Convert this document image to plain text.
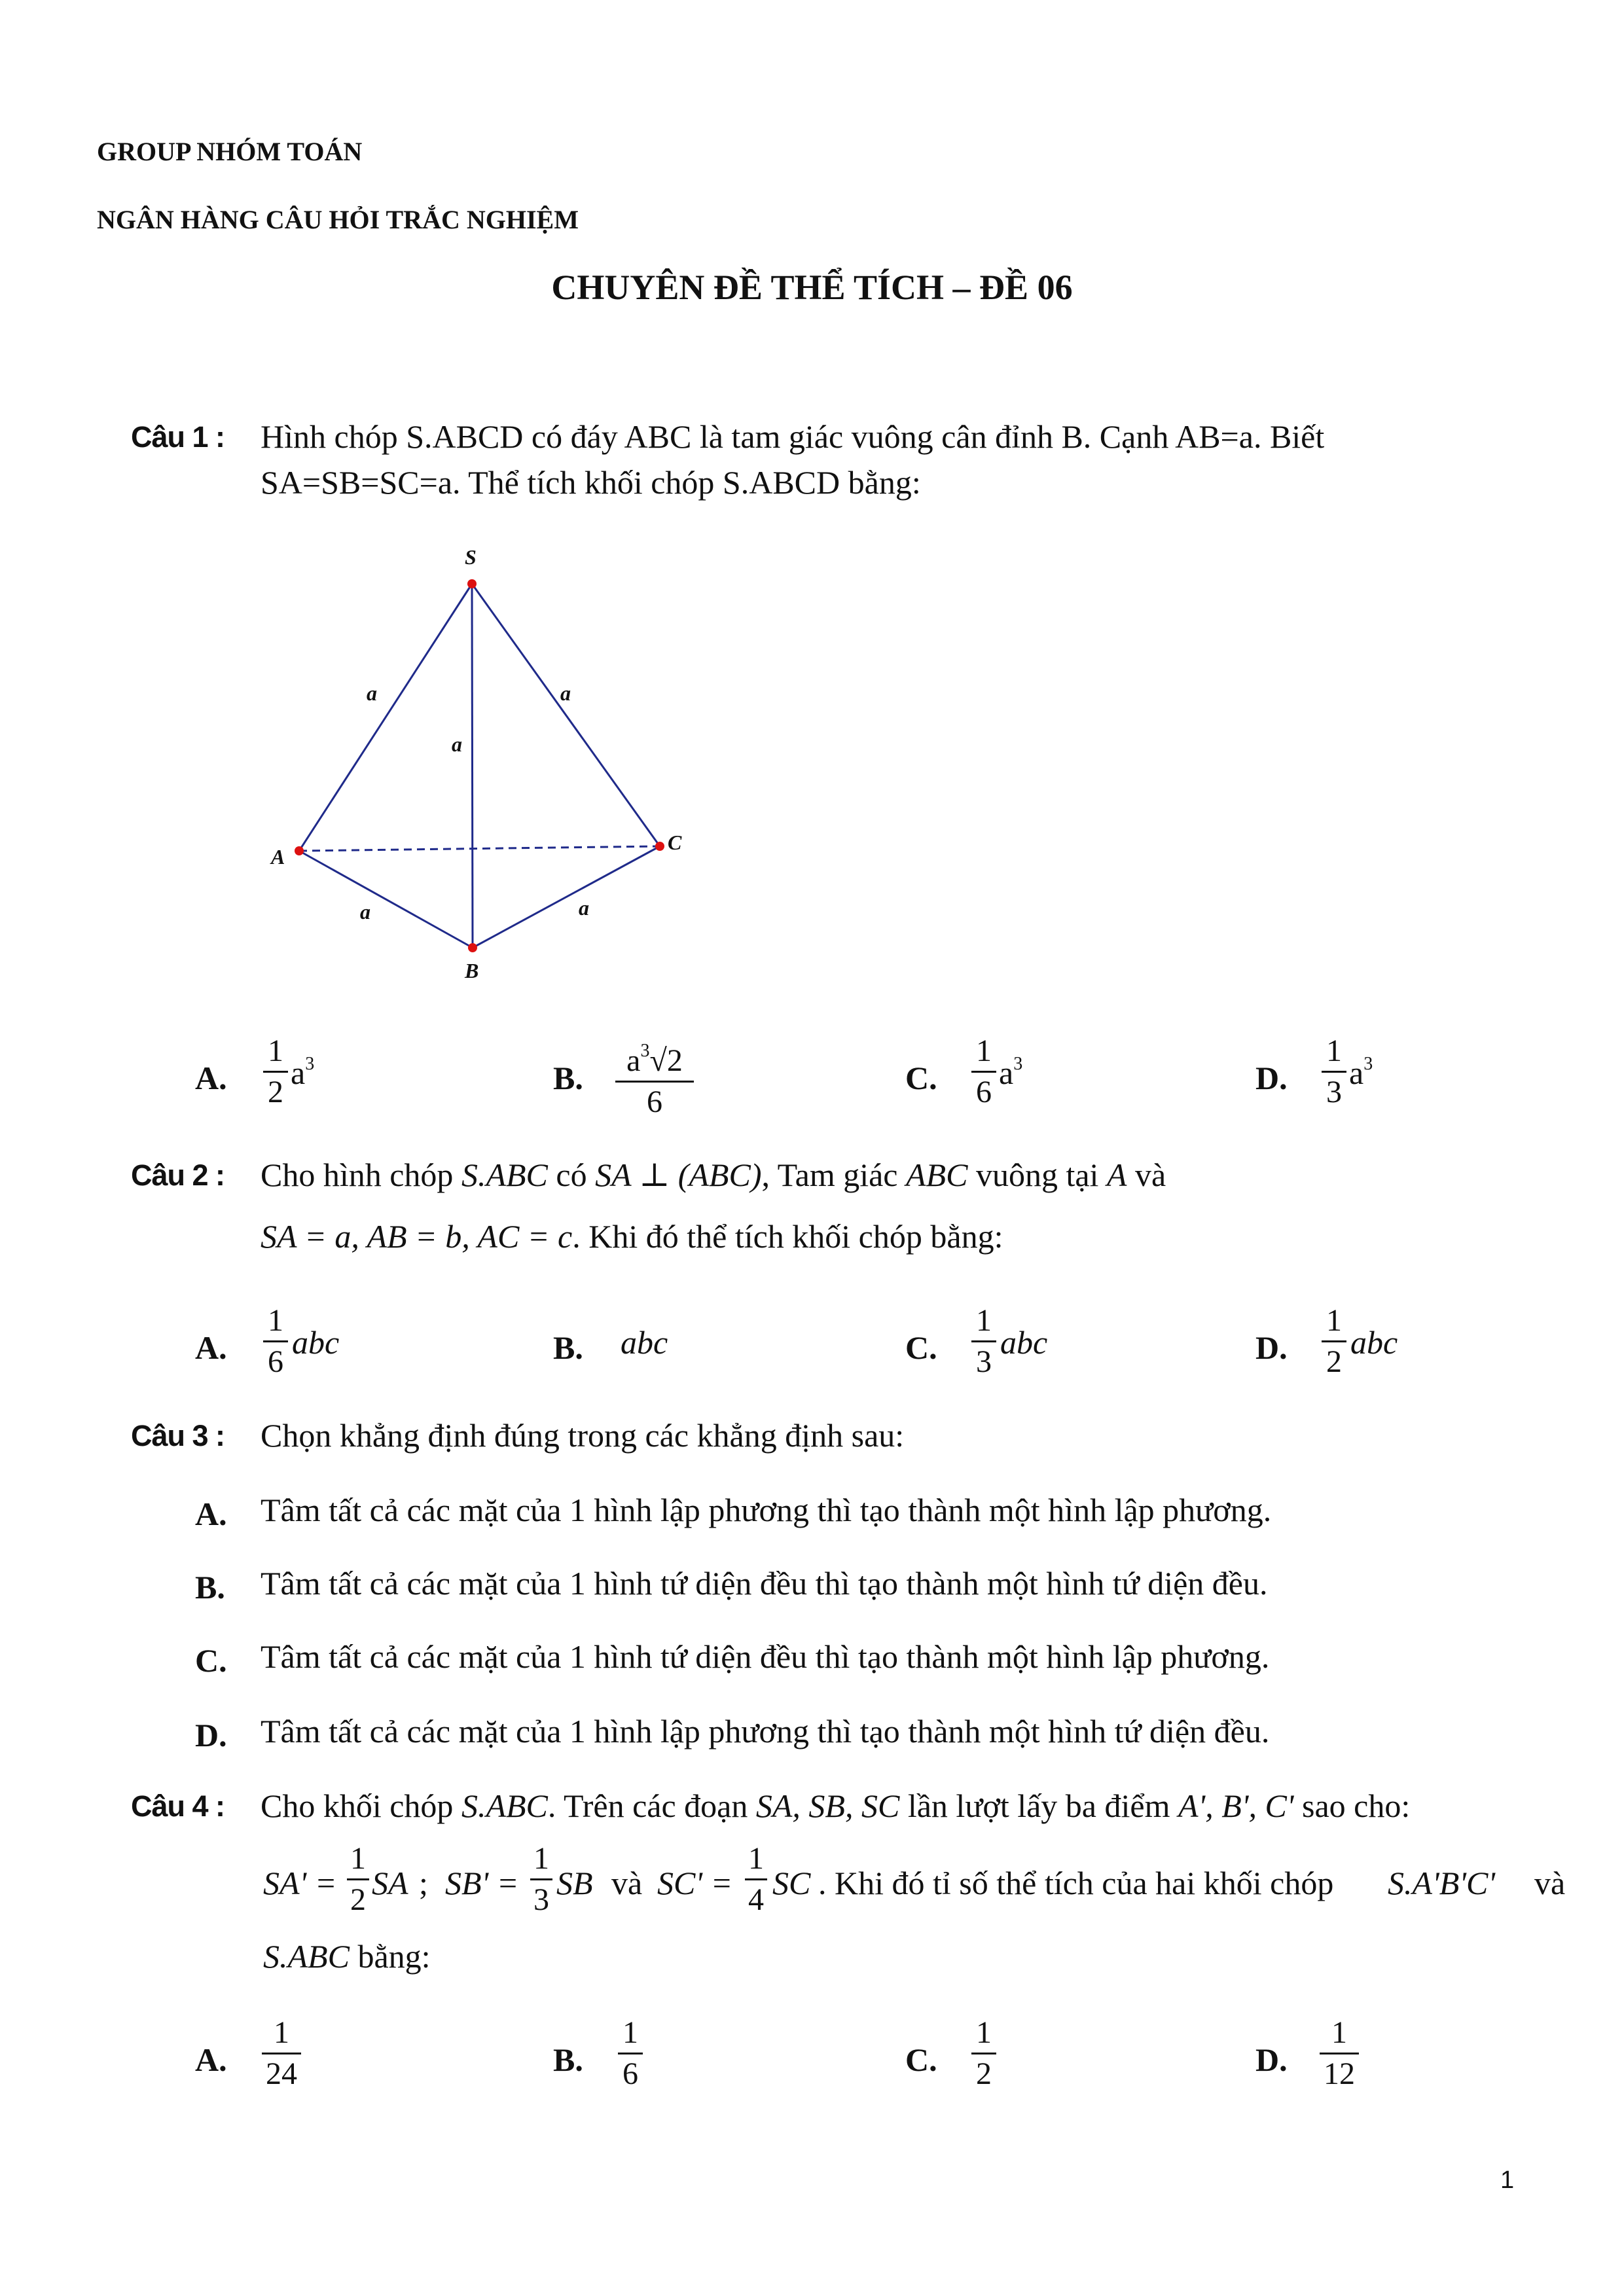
GROUP NHÓM TOÁN
NGÂN HÀNG CÂU HỎI TRẮC NGHIỆM
CHUYÊN ĐỀ THỂ TÍCH – ĐỀ 06
Câu 1 : Hình chóp S.ABCD có đáy ABC là tam giác vuông cân đỉnh B. Cạnh AB=a. Biết
SA=SB=SC=a. Thể tích khối chóp S.ABCD bằng:
S
A
B
C
a	a
a
a	a
A.
1
2
$a^3$	B.	$a^3√2$
6
C.
1
6
$a^3$	D.
1
3
$a^3$
Câu 2 : Cho hình chóp S.ABC có SA ⊥ (ABC), Tam giác ABC vuông tại A và
SA = a, AB = b, AC = c. Khi đó thể tích khối chóp bằng:
A.
1
6
abc	B. abc	C.
1
3
abc	D.
1
2
abc
Câu 3 : Chọn khẳng định đúng trong các khẳng định sau:
A. Tâm tất cả các mặt của 1 hình lập phương thì tạo thành một hình lập phương.
B. Tâm tất cả các mặt của 1 hình tứ diện đều thì tạo thành một hình tứ diện đều.
C. Tâm tất cả các mặt của 1 hình tứ diện đều thì tạo thành một hình lập phương.
D. Tâm tất cả các mặt của 1 hình lập phương thì tạo thành một hình tứ diện đều.
Câu 4 : Cho khối chóp S.ABC. Trên các đoạn SA, SB, SC lần lượt lấy ba điểm A', B', C' sao cho:
SA' =
1
2 SA ; SB' =
1
3 SB và SC' =
1
4 SC . Khi đó tỉ số thể tích của hai khối chóp S.A'B'C' và
S.ABC bằng:
A.
1
24	B.
1
6	C.
1
2	D.
1
12
1
